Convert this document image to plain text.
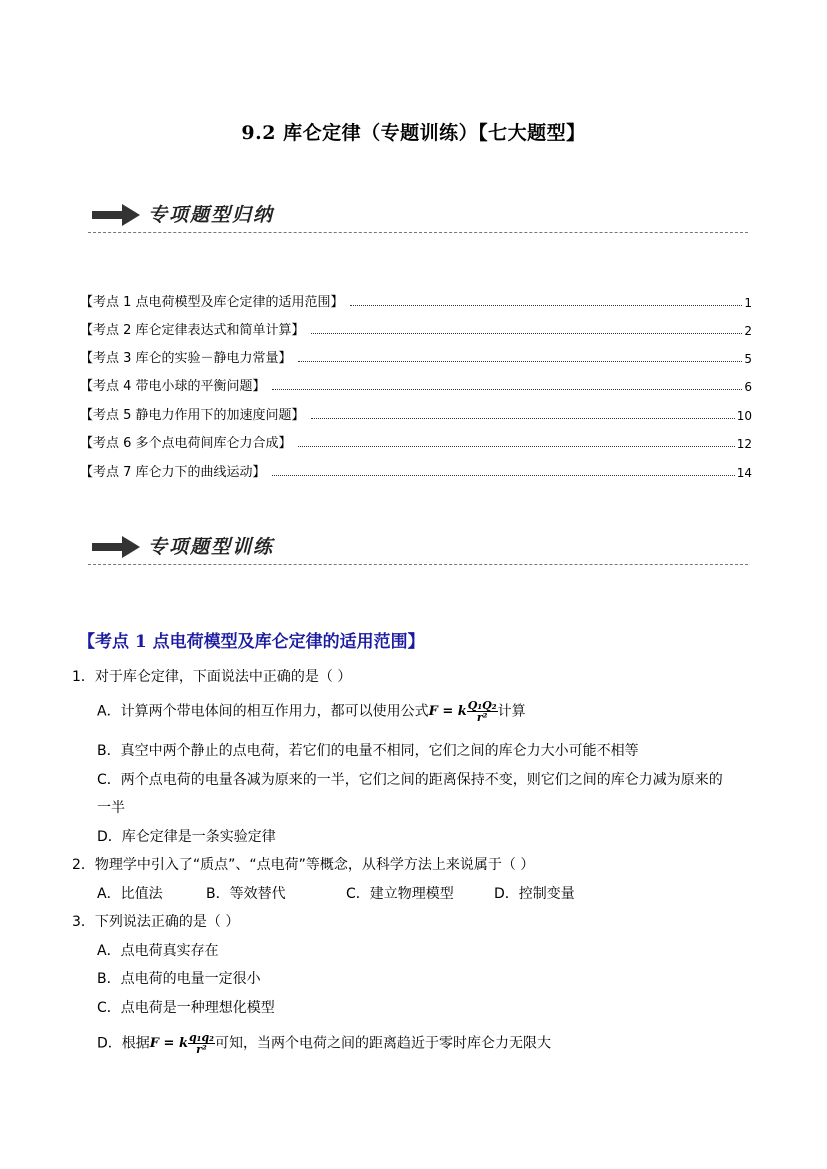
9.2 库仑定律（专题训练）【七大题型】
专项题型归纳
【考点 1 点电荷模型及库仑定律的适用范围】	1
【考点 2 库仑定律表达式和简单计算】	2
【考点 3 库仑的实验－静电力常量】	5
【考点 4 带电小球的平衡问题】	6
【考点 5 静电力作用下的加速度问题】	10
【考点 6 多个点电荷间库仑力合成】	12
【考点 7 库仑力下的曲线运动】	14
专项题型训练
【考点 1 点电荷模型及库仑定律的适用范围】
1．对于库仑定律，下面说法中正确的是（ ）
A．计算两个带电体间的相互作用力，都可以使用公式F = k $\frac{\text{Q₁Q₂}}{\text{r²}}$ 计算
B．真空中两个静止的点电荷，若它们的电量不相同，它们之间的库仑力大小可能不相等
C．两个点电荷的电量各减为原来的一半，它们之间的距离保持不变，则它们之间的库仑力减为原来的
一半
D．库仑定律是一条实验定律
2．物理学中引入了“质点”、“点电荷”等概念，从科学方法上来说属于（ ）
A．比值法	B．等效替代	C．建立物理模型	D．控制变量
3．下列说法正确的是（ ）
A．点电荷真实存在
B．点电荷的电量一定很小
C．点电荷是一种理想化模型
D．根据F = k $\frac{\text{q₁q₂}}{\text{r²}}$ 可知，当两个电荷之间的距离趋近于零时库仑力无限大
